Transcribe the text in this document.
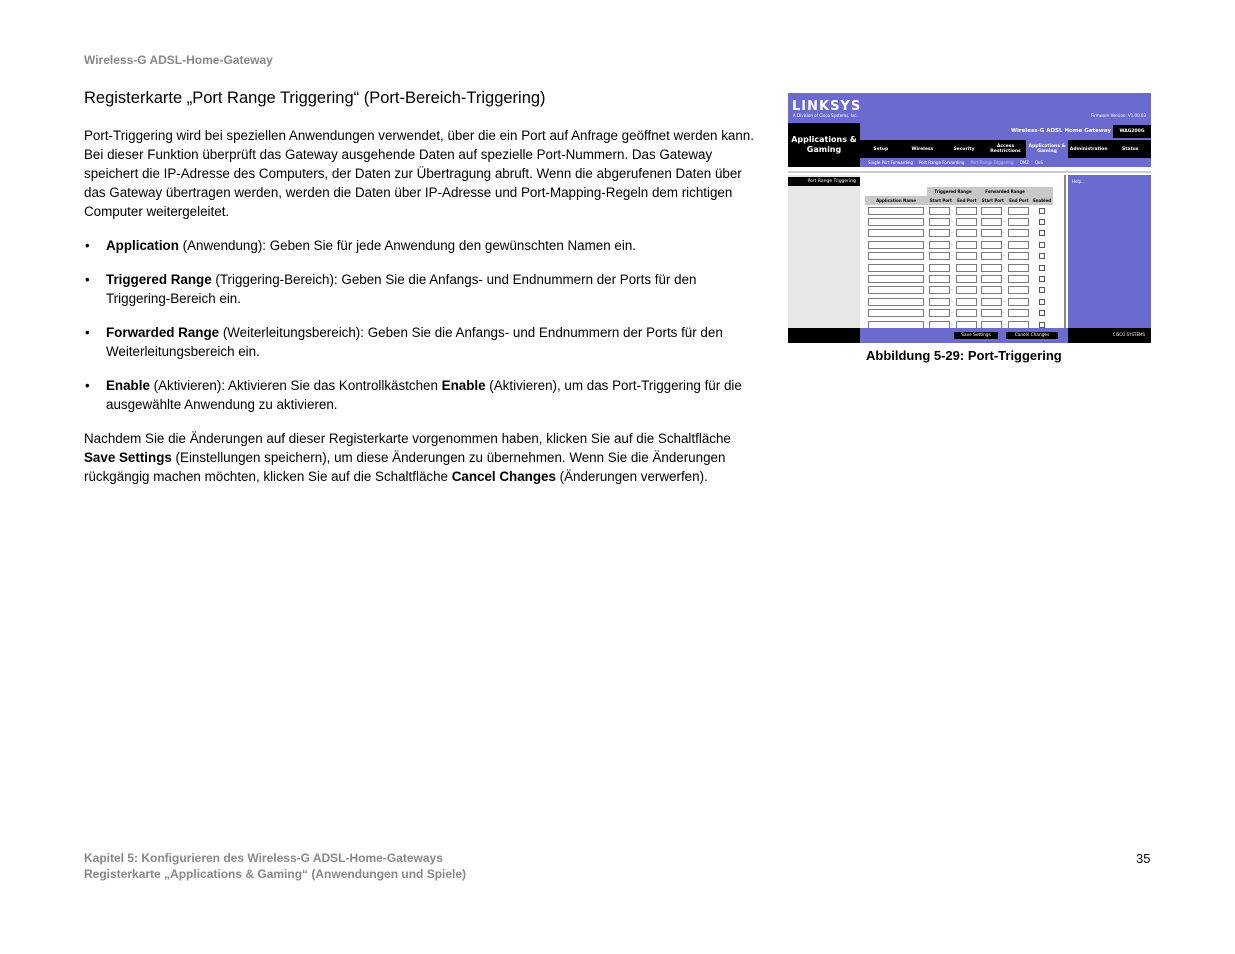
Wireless-G ADSL-Home-Gateway
Registerkarte „Port Range Triggering“ (Port-Bereich-Triggering)

Port-Triggering wird bei speziellen Anwendungen verwendet, über die ein Port auf Anfrage geöffnet werden kann. Bei dieser Funktion überprüft das Gateway ausgehende Daten auf spezielle Port-Nummern. Das Gateway speichert die IP-Adresse des Computers, der Daten zur Übertragung abruft. Wenn die abgerufenen Daten über das Gateway übertragen werden, werden die Daten über IP-Adresse und Port-Mapping-Regeln dem richtigen Computer weitergeleitet.

• Application (Anwendung): Geben Sie für jede Anwendung den gewünschten Namen ein.
• Triggered Range (Triggering-Bereich): Geben Sie die Anfangs- und Endnummern der Ports für den Triggering-Bereich ein.
• Forwarded Range (Weiterleitungsbereich): Geben Sie die Anfangs- und Endnummern der Ports für den Weiterleitungsbereich ein.
• Enable (Aktivieren): Aktivieren Sie das Kontrollkästchen Enable (Aktivieren), um das Port-Triggering für die ausgewählte Anwendung zu aktivieren.

Nachdem Sie die Änderungen auf dieser Registerkarte vorgenommen haben, klicken Sie auf die Schaltfläche Save Settings (Einstellungen speichern), um diese Änderungen zu übernehmen. Wenn Sie die Änderungen rückgängig machen möchten, klicken Sie auf die Schaltfläche Cancel Changes (Änderungen verwerfen).

LINKSYS
A Division of Cisco Systems, Inc.	Firmware Version: V1.00.03
Applications & Gaming
Wireless-G ADSL Home Gateway	WAG200G
Setup	Wireless	Security	Access Restrictions
Applications & Gaming	Administration	Status
Single Port Forwarding Port Range Forwarding Port Range Triggering DMZ QoS
Port Range Triggering	Help...
	Triggered Range		Forwarded Range		
Application Name	Start Port	End Port	Start Port	End Port	Enabled
	-		-		
	-		-		
	-		-		
	-		-		
	-		-		
	-		-		
	-		-		
	-		-		
	-		-		
	-		-		
	-		-		
Save Settings	Cancel Changes	CISCO SYSTEMS
Abbildung 5-29: Port-Triggering
Kapitel 5: Konfigurieren des Wireless-G ADSL-Home-Gateways
Registerkarte „Applications & Gaming“ (Anwendungen und Spiele)
35
